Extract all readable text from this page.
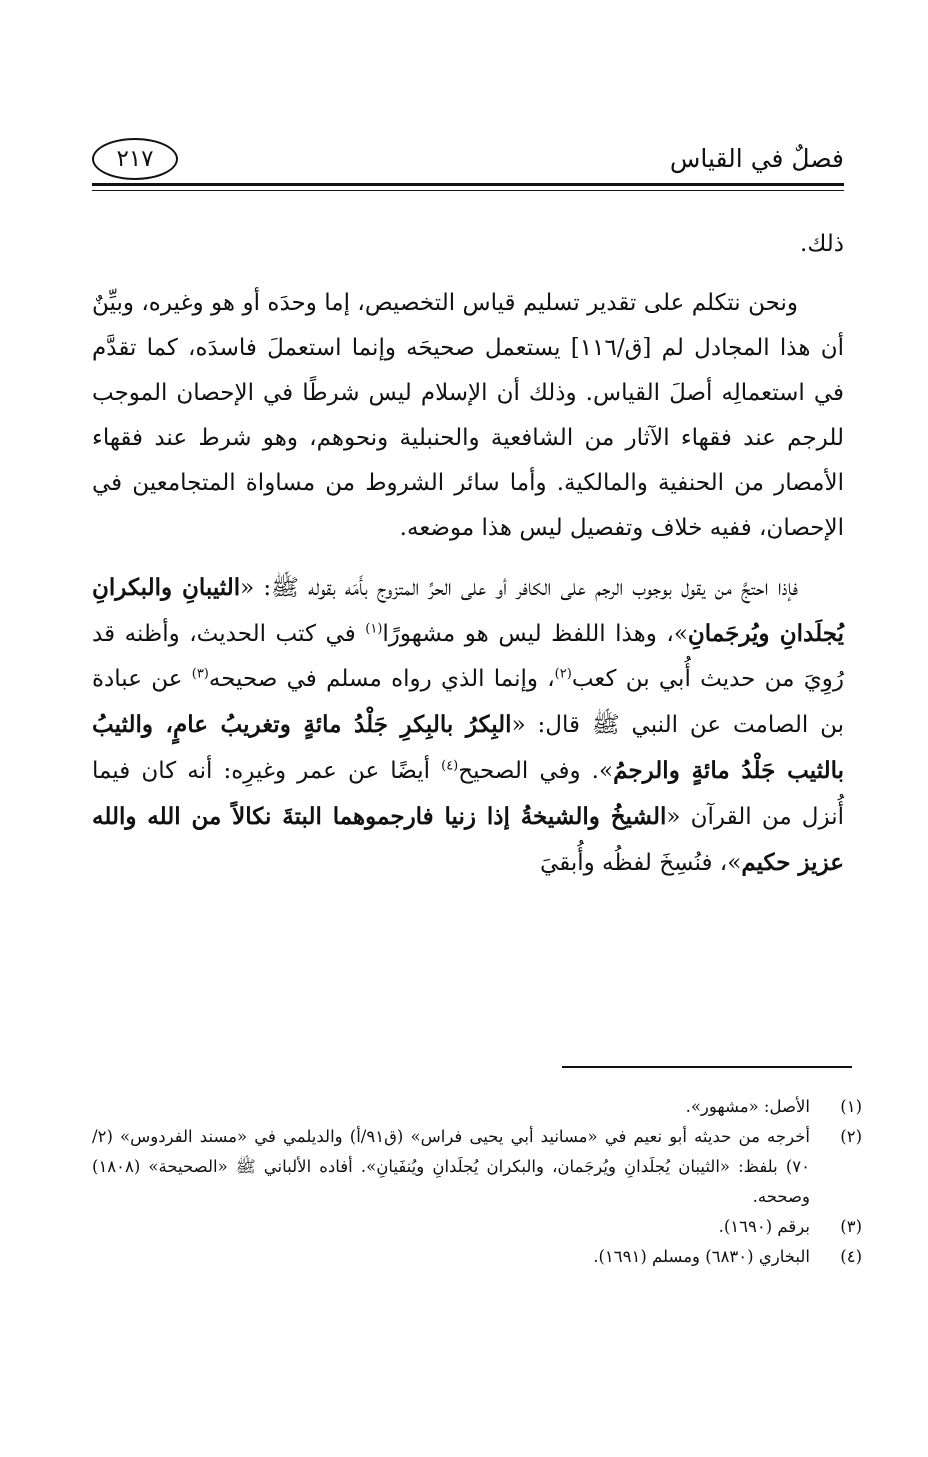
فصلٌ في القياس
٢١٧

ذلك.

ونحن نتكلم على تقدير تسليم قياس التخصيص، إما وحدَه أو هو وغيره، وبيِّنٌ أن هذا المجادل لم [ق/١١٦] يستعمل صحيحَه وإنما استعملَ فاسدَه، كما تقدَّم في استعمالِه أصلَ القياس. وذلك أن الإسلام ليس شرطًا في الإحصان الموجب للرجم عند فقهاء الآثار من الشافعية والحنبلية ونحوهم، وهو شرط عند فقهاء الأمصار من الحنفية والمالكية. وأما سائر الشروط من مساواة المتجامعين في الإحصان، ففيه خلاف وتفصيل ليس هذا موضعه.

فإذا احتجَّ من يقول بوجوب الرجم على الكافر أو على الحرِّ المتزوج بأَمَه بقوله ﷺ: «الثيبانِ والبكرانِ يُجلَدانِ ويُرجَمانِ»، وهذا اللفظ ليس هو مشهورًا$^{(١)}$ في كتب الحديث، وأظنه قد رُوِيَ من حديث أُبي بن كعب$^{(٢)}$، وإنما الذي رواه مسلم في صحيحه$^{(٣)}$ عن عبادة بن الصامت عن النبي ﷺ قال: «البِكرُ بالبِكرِ جَلْدُ مائةٍ وتغريبُ عامٍ، والثيبُ بالثيب جَلْدُ مائةٍ والرجمُ». وفي الصحيح$^{(٤)}$ أيضًا عن عمر وغيرِه: أنه كان فيما أُنزل من القرآن «الشيخُ والشيخةُ إذا زنيا فارجموهما البتةَ نكالاً من الله والله عزيز حكيم»، فنُسِخَ لفظُه وأُبقيَ

(١)
الأصل: «مشهور».
(٢)
أخرجه من حديثه أبو نعيم في «مسانيد أبي يحيى فراس» (ق٩١/أ) والديلمي في «مسند الفردوس» (٢/ ٧٠) بلفظ: «الثيبان يُجلَدانِ ويُرجَمان، والبكران يُجلَدانِ ويُنفَيانِ». أفاده الألباني ﷺ «الصحيحة» (١٨٠٨) وصححه.
(٣)
برقم (١٦٩٠).
(٤)
البخاري (٦٨٣٠) ومسلم (١٦٩١).
